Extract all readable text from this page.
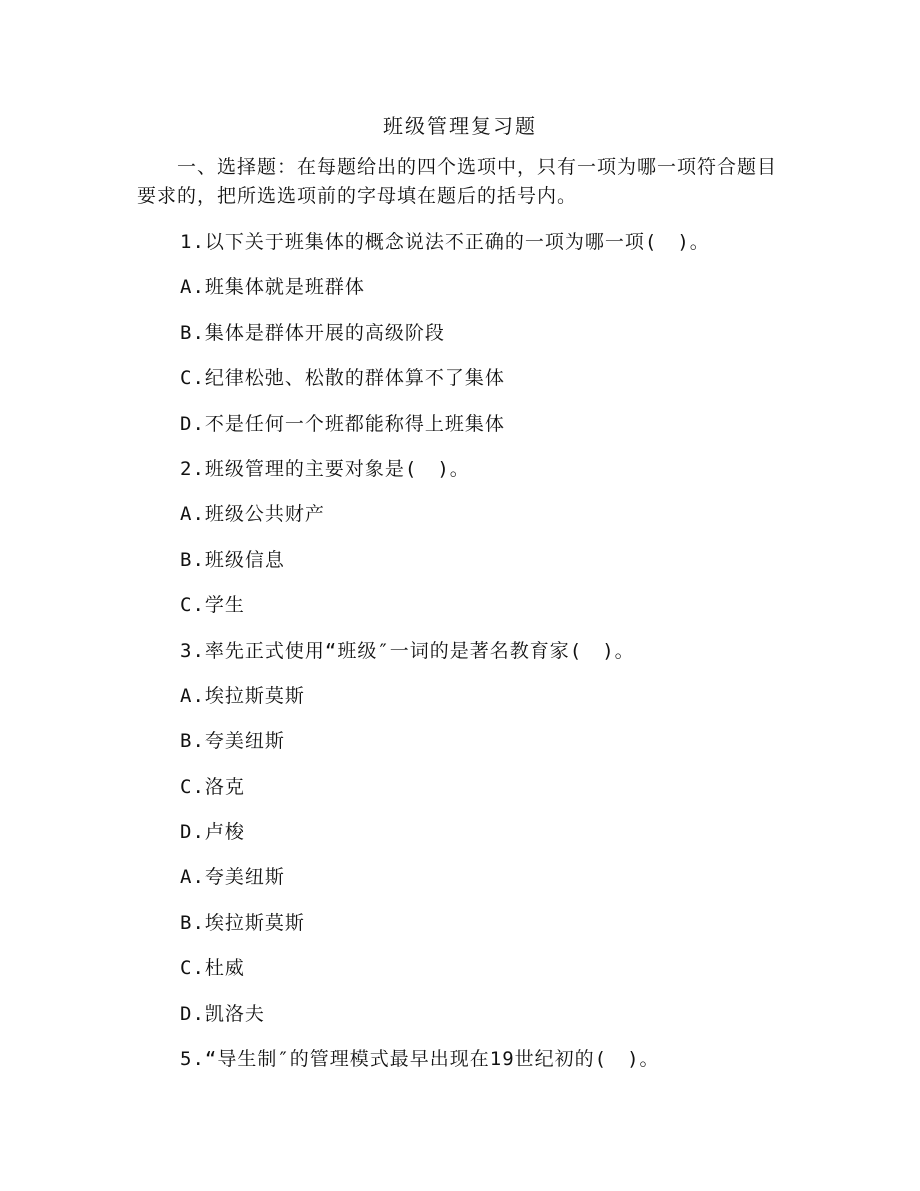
班级管理复习题
一、选择题：在每题给出的四个选项中，只有一项为哪一项符合题目要求的，把所选选项前的字母填在题后的括号内。
1.以下关于班集体的概念说法不正确的一项为哪一项(　)。
A.班集体就是班群体
B.集体是群体开展的高级阶段
C.纪律松弛、松散的群体算不了集体
D.不是任何一个班都能称得上班集体
2.班级管理的主要对象是(　)。
A.班级公共财产
B.班级信息
C.学生
3.率先正式使用“班级″一词的是著名教育家(　)。
A.埃拉斯莫斯
B.夸美纽斯
C.洛克
D.卢梭
A.夸美纽斯
B.埃拉斯莫斯
C.杜威
D.凯洛夫
5.“导生制″的管理模式最早出现在19世纪初的(　)。
